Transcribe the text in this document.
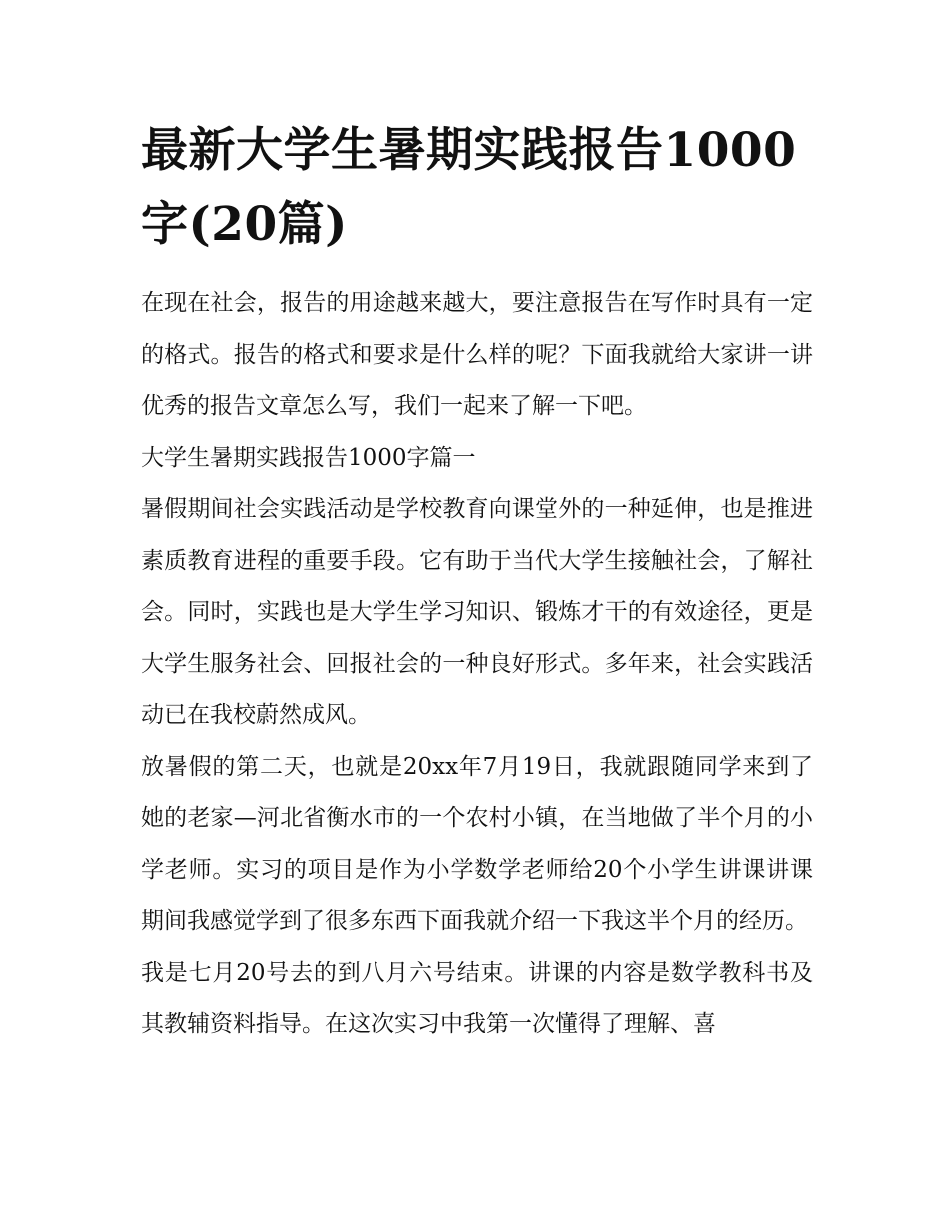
最新大学生暑期实践报告1000字(20篇)

在现在社会，报告的用途越来越大，要注意报告在写作时具有一定的格式。报告的格式和要求是什么样的呢？下面我就给大家讲一讲优秀的报告文章怎么写，我们一起来了解一下吧。

大学生暑期实践报告1000字篇一

暑假期间社会实践活动是学校教育向课堂外的一种延伸，也是推进素质教育进程的重要手段。它有助于当代大学生接触社会，了解社会。同时，实践也是大学生学习知识、锻炼才干的有效途径，更是大学生服务社会、回报社会的一种良好形式。多年来，社会实践活动已在我校蔚然成风。

放暑假的第二天，也就是20xx年7月19日，我就跟随同学来到了她的老家—河北省衡水市的一个农村小镇，在当地做了半个月的小学老师。实习的项目是作为小学数学老师给20个小学生讲课讲课期间我感觉学到了很多东西下面我就介绍一下我这半个月的经历。

我是七月20号去的到八月六号结束。讲课的内容是数学教科书及其教辅资料指导。在这次实习中我第一次懂得了理解、喜
